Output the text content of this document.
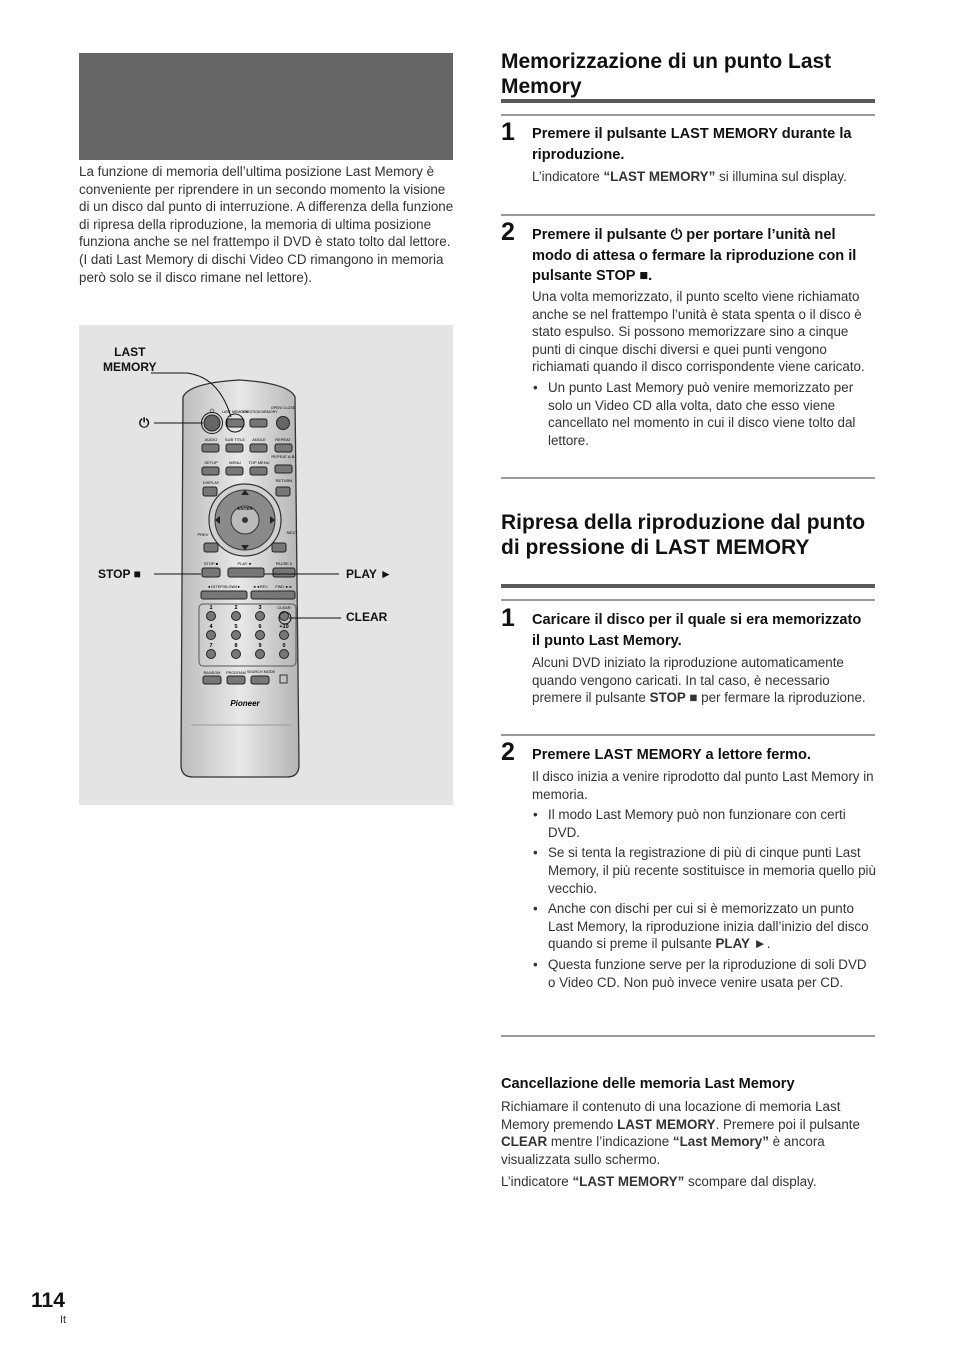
La funzione di memoria dell’ultima posizione Last Memory è conveniente per riprendere in un secondo momento la visione di un disco dal punto di interruzione. A differenza della funzione di ripresa della riproduzione, la memoria di ultima posizione funziona anche se nel frattempo il DVD è stato tolto dal lettore. (I dati Last Memory di dischi Video CD rimangono in memoria però solo se il disco rimane nel lettore).
⏻ LAST MEMORY
CONDITION MEMORY
OPEN/ CLOSE
AUDIO SUB TITLE ANGLE REPEAT
REPEAT A-B
SETUP	MENU TOP MENU
DISPLAY	RETURN
ENTER
PREV	NEXT
STOP ■	PLAY ►	PAUSE II
◄I/STEP/SLOW/I►	◄◄REV FWD ►►
CLEAR
1	2	3
4	5	6	+10
7	8	9	0
RANDOM PROGRAM SEARCH MODE
Pioneer
LAST
MEMORY
⏻
STOP ■	PLAY ►
CLEAR
Memorizzazione di un punto Last Memory
1 Premere il pulsante LAST MEMORY durante la riproduzione.
L’indicatore “LAST MEMORY” si illumina sul display.
2 Premere il pulsante ⏻ per portare l’unità nel modo di attesa o fermare la riproduzione con il pulsante STOP ■.
Una volta memorizzato, il punto scelto viene richiamato anche se nel frattempo l’unità è stata spenta o il disco è stato espulso. Si possono memorizzare sino a cinque punti di cinque dischi diversi e quei punti vengono richiamati quando il disco corrispondente viene caricato.
• Un punto Last Memory può venire memorizzato per solo un Video CD alla volta, dato che esso viene cancellato nel momento in cui il disco viene tolto dal lettore.
Ripresa della riproduzione dal punto di pressione di LAST MEMORY
1 Caricare il disco per il quale si era memorizzato il punto Last Memory.
Alcuni DVD iniziato la riproduzione automaticamente quando vengono caricati. In tal caso, è necessario premere il pulsante STOP ■ per fermare la riproduzione.
2 Premere LAST MEMORY a lettore fermo.
Il disco inizia a venire riprodotto dal punto Last Memory in memoria.
• Il modo Last Memory può non funzionare con certi DVD.
• Se si tenta la registrazione di più di cinque punti Last Memory, il più recente sostituisce in memoria quello più vecchio.
• Anche con dischi per cui si è memorizzato un punto Last Memory, la riproduzione inizia dall’inizio del disco quando si preme il pulsante PLAY ►.
• Questa funzione serve per la riproduzione di soli DVD o Video CD. Non può invece venire usata per CD.
Cancellazione delle memoria Last Memory
Richiamare il contenuto di una locazione di memoria Last Memory premendo LAST MEMORY. Premere poi il pulsante CLEAR mentre l’indicazione “Last Memory” è ancora visualizzata sullo schermo.
L’indicatore “LAST MEMORY” scompare dal display.
114
It
